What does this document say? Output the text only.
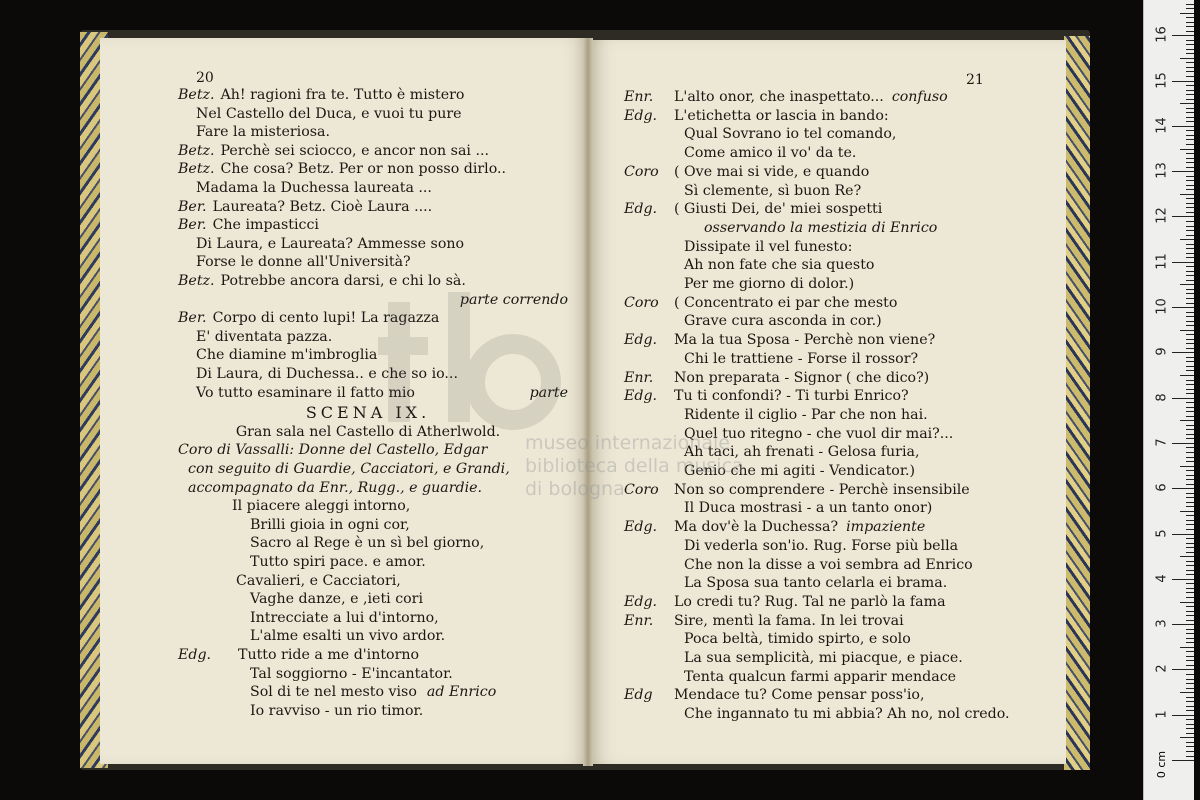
20
Betz. Ah! ragioni fra te. Tutto è mistero
Nel Castello del Duca, e vuoi tu pure
Fare la misteriosa.
Betz. Perchè sei sciocco, e ancor non sai ...
Betz. Che cosa? Betz. Per or non posso dirlo..
Madama la Duchessa laureata ...
Ber. Laureata? Betz. Cioè Laura ....
Ber. Che impasticci
Di Laura, e Laureata? Ammesse sono
Forse le donne all'Università?
Betz. Potrebbe ancora darsi, e chi lo sà.
parte correndo
Ber. Corpo di cento lupi! La ragazza
E' diventata pazza.
Che diamine m'imbroglia
Di Laura, di Duchessa.. e che so io...
Vo tutto esaminare il fatto mio	parte
SCENA IX.
Gran sala nel Castello di Atherlwold.
Coro di Vassalli: Donne del Castello, Edgar
con seguito di Guardie, Cacciatori, e Grandi,
accompagnato da Enr., Rugg., e guardie.
Il piacere aleggi intorno,
Brilli gioia in ogni cor,
Sacro al Rege è un sì bel giorno,
Tutto spiri pace. e amor.
Cavalieri, e Cacciatori,
Vaghe danze, e ,ieti cori
Intrecciate a lui d'intorno,
L'alme esalti un vivo ardor.
Edg. Tutto ride a me d'intorno
Tal soggiorno - E'incantator.
Sol di te nel mesto viso ad Enrico
Io ravviso - un rio timor.
21
Enr. L'alto onor, che inaspettato... confuso
Edg. L'etichetta or lascia in bando:
Qual Sovrano io tel comando,
Come amico il vo' da te.
Coro ( Ove mai si vide, e quando
Sì clemente, sì buon Re?
Edg. ( Giusti Dei, de' miei sospetti
osservando la mestizia di Enrico
Dissipate il vel funesto:
Ah non fate che sia questo
Per me giorno di dolor.)
Coro ( Concentrato ei par che mesto
Grave cura asconda in cor.)
Edg. Ma la tua Sposa - Perchè non viene?
Chi le trattiene - Forse il rossor?
Enr. Non preparata - Signor ( che dico?)
Edg. Tu ti confondi? - Ti turbi Enrico?
Ridente il ciglio - Par che non hai.
Quel tuo ritegno - che vuol dir mai?...
Ah taci, ah frenati - Gelosa furia,
Genio che mi agiti - Vendicator.)
Coro Non so comprendere - Perchè insensibile
Il Duca mostrasi - a un tanto onor)
Edg. Ma dov'è la Duchessa? impaziente
Di vederla son'io. Rug. Forse più bella
Che non la disse a voi sembra ad Enrico
La Sposa sua tanto celarla ei brama.
Edg. Lo credi tu? Rug. Tal ne parlò la fama
Enr. Sire, mentì la fama. In lei trovai
Poca beltà, timido spirto, e solo
La sua semplicità, mi piacque, e piace.
Tenta qualcun farmi apparir mendace
Edg Mendace tu? Come pensar poss'io,
Che ingannato tu mi abbia? Ah no, nol credo.
museo internazionale
biblioteca della musica
di bologna
0 cm
1
2
3
4
5
6
7
8
9
10
11
12
13
14
15
16
